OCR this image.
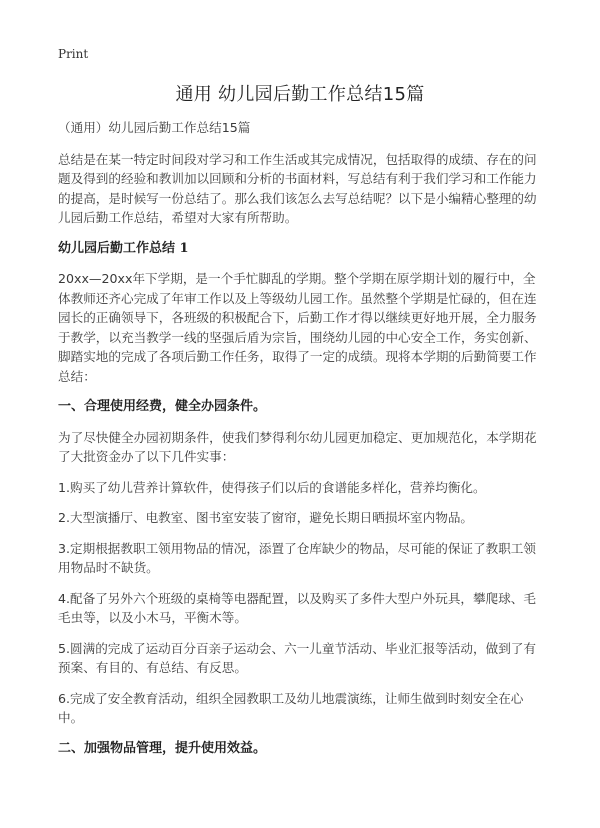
Print
通用 幼儿园后勤工作总结15篇

（通用）幼儿园后勤工作总结15篇

总结是在某一特定时间段对学习和工作生活或其完成情况，包括取得的成绩、存在的问题及得到的经验和教训加以回顾和分析的书面材料，写总结有利于我们学习和工作能力的提高，是时候写一份总结了。那么我们该怎么去写总结呢？以下是小编精心整理的幼儿园后勤工作总结，希望对大家有所帮助。

幼儿园后勤工作总结 1

20xx—20xx年下学期，是一个手忙脚乱的学期。整个学期在原学期计划的履行中，全体教师还齐心完成了年审工作以及上等级幼儿园工作。虽然整个学期是忙碌的，但在连园长的正确领导下，各班级的积极配合下，后勤工作才得以继续更好地开展，全力服务于教学，以充当教学一线的坚强后盾为宗旨，围绕幼儿园的中心安全工作，务实创新、脚踏实地的完成了各项后勤工作任务，取得了一定的成绩。现将本学期的后勤简要工作总结：

一、合理使用经费，健全办园条件。

为了尽快健全办园初期条件，使我们梦得利尔幼儿园更加稳定、更加规范化，本学期花了大批资金办了以下几件实事：

1.购买了幼儿营养计算软件，使得孩子们以后的食谱能多样化，营养均衡化。

2.大型演播厅、电教室、图书室安装了窗帘，避免长期日晒损坏室内物品。

3.定期根据教职工领用物品的情况，添置了仓库缺少的物品，尽可能的保证了教职工领用物品时不缺货。

4.配备了另外六个班级的桌椅等电器配置，以及购买了多件大型户外玩具，攀爬球、毛毛虫等，以及小木马，平衡木等。

5.圆满的完成了运动百分百亲子运动会、六一儿童节活动、毕业汇报等活动，做到了有预案、有目的、有总结、有反思。

6.完成了安全教育活动，组织全园教职工及幼儿地震演练，让师生做到时刻安全在心中。

二、加强物品管理，提升使用效益。
